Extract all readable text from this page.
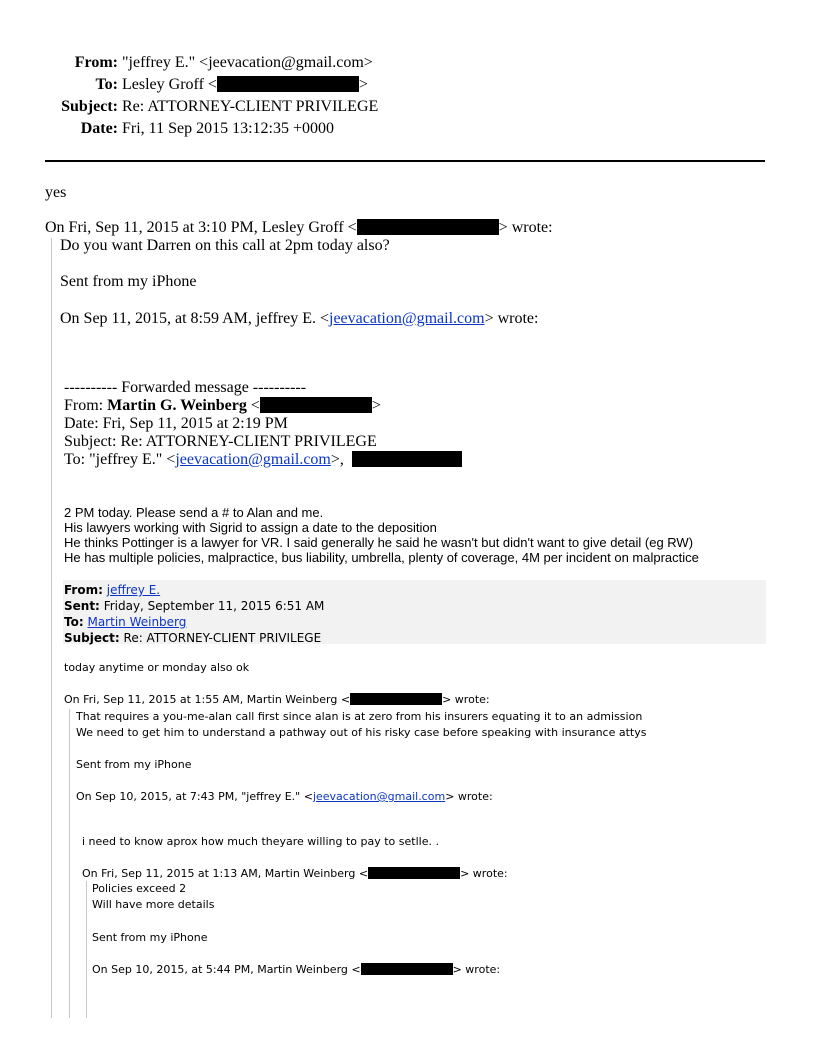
From: "jeffrey E." <jeevacation@gmail.com>
To: Lesley Groff <	>
Subject: Re: ATTORNEY-CLIENT PRIVILEGE
Date: Fri, 11 Sep 2015 13:12:35 +0000
yes
On Fri, Sep 11, 2015 at 3:10 PM, Lesley Groff <	> wrote:
Do you want Darren on this call at 2pm today also?
Sent from my iPhone
On Sep 11, 2015, at 8:59 AM, jeffrey E. <jeevacation@gmail.com> wrote:
---------- Forwarded message ----------
From: Martin G. Weinberg <	>
Date: Fri, Sep 11, 2015 at 2:19 PM
Subject: Re: ATTORNEY-CLIENT PRIVILEGE
To: "jeffrey E." <jeevacation@gmail.com>,
2 PM today. Please send a # to Alan and me.
His lawyers working with Sigrid to assign a date to the deposition
He thinks Pottinger is a lawyer for VR. I said generally he said he wasn't but didn't want to give detail (eg RW)
He has multiple policies, malpractice, bus liability, umbrella, plenty of coverage, 4M per incident on malpractice
From: jeffrey E.
Sent: Friday, September 11, 2015 6:51 AM
To: Martin Weinberg
Subject: Re: ATTORNEY-CLIENT PRIVILEGE
today anytime or monday also ok
On Fri, Sep 11, 2015 at 1:55 AM, Martin Weinberg <	> wrote:
That requires a you-me-alan call first since alan is at zero from his insurers equating it to an admission
We need to get him to understand a pathway out of his risky case before speaking with insurance attys
Sent from my iPhone
On Sep 10, 2015, at 7:43 PM, "jeffrey E." <jeevacation@gmail.com> wrote:
i need to know aprox how much theyare willing to pay to setlle. .
On Fri, Sep 11, 2015 at 1:13 AM, Martin Weinberg <	> wrote:
Policies exceed 2
Will have more details
Sent from my iPhone
On Sep 10, 2015, at 5:44 PM, Martin Weinberg <	> wrote:
